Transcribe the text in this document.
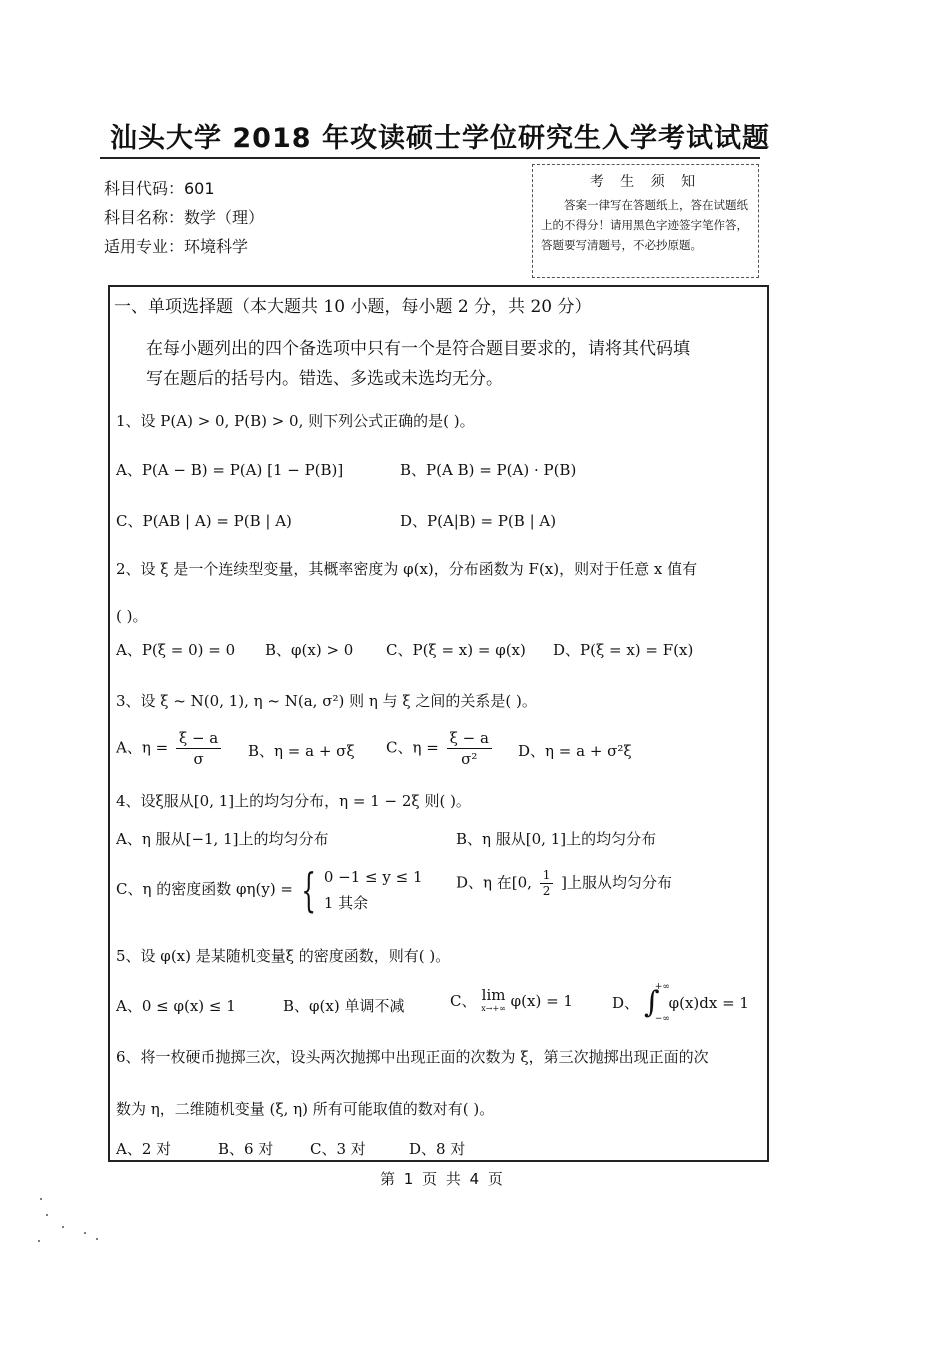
汕头大学 2018 年攻读硕士学位研究生入学考试试题
科目代码：601
科目名称：数学（理）
适用专业：环境科学
考 生 须 知
答案一律写在答题纸上，答在试题纸上的不得分！请用黑色字迹签字笔作答，答题要写清题号，不必抄原题。
一、单项选择题（本大题共 10 小题，每小题 2 分，共 20 分）
在每小题列出的四个备选项中只有一个是符合题目要求的，请将其代码填
写在题后的括号内。错选、多选或未选均无分。
1、设 P(A) > 0, P(B) > 0, 则下列公式正确的是( )。
A、P(A − B) = P(A) [1 − P(B)]	B、P(A B) = P(A) · P(B)
C、P(AB | A) = P(B | A)	D、P(A|B) = P(B | A)
2、设 ξ 是一个连续型变量，其概率密度为 φ(x)，分布函数为 F(x)，则对于任意 x 值有
( )。
A、P(ξ = 0) = 0 B、φ(x) > 0 C、P(ξ = x) = φ(x) D、P(ξ = x) = F(x)
3、设 ξ ~ N(0, 1), η ~ N(a, σ²) 则 η 与 ξ 之间的关系是( )。
A、$\eta = \frac{\xi - a}{\sigma}$ B、η = a + σξ C、$\eta = \frac{\xi - a}{\text{σ²}}$ D、η = a + σ²ξ
4、设ξ服从[0, 1]上的均匀分布，η = 1 − 2ξ 则( )。
A、η 服从[−1, 1]上的均匀分布	B、η 服从[0, 1]上的均匀分布
C、η 的密度函数 φη(y) = { 0 −1 ≤ y ≤ 1
1 其余
D、η 在[0, $\frac{1}{2}$ ]上服从均匀分布
5、设 φ(x) 是某随机变量ξ 的密度函数，则有( )。
A、0 ≤ φ(x) ≤ 1	B、φ(x) 单调不减	C、 lim
x→+∞ φ(x) = 1	D、 ∫
+∞
−∞
φ(x)dx = 1
6、将一枚硬币抛掷三次，设头两次抛掷中出现正面的次数为 ξ，第三次抛掷出现正面的次
数为 η，二维随机变量 (ξ, η) 所有可能取值的数对有( )。
A、2 对	B、6 对 C、3 对	D、8 对
第 1 页 共 4 页
